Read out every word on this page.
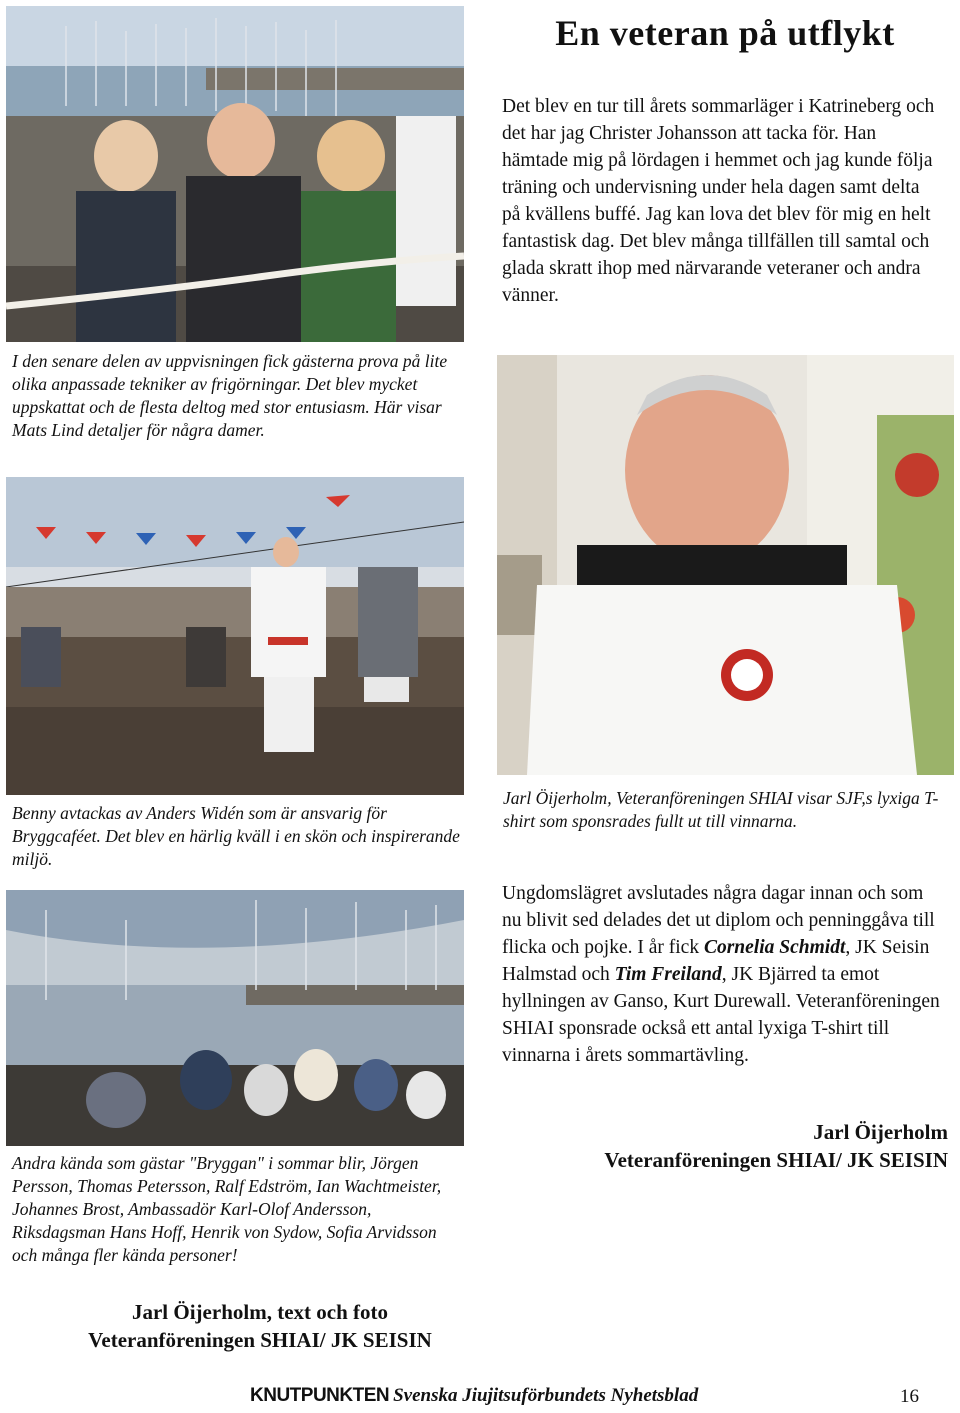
I den senare delen av uppvisningen fick gästerna prova på lite olika anpassade tekniker av frigörningar. Det blev mycket uppskattat och de flesta deltog med stor entusiasm. Här visar Mats Lind detaljer för några damer.

En veteran på utflykt

Det blev en tur till årets sommarläger i Katrineberg och det har jag Christer Johansson att tacka för. Han hämtade mig på lördagen i hemmet och jag kunde följa träning och undervisning under hela dagen samt delta på kvällens buffé. Jag kan lova det blev för mig en helt fantastisk dag. Det blev många tillfällen till samtal och glada skratt ihop med närvarande veteraner och andra vänner.

Jarl Öijerholm, Veteranföreningen SHIAI visar SJF,s lyxiga T-shirt som sponsrades fullt ut till vinnarna.

Benny avtackas av Anders Widén som är ansvarig för Bryggcaféet. Det blev en härlig kväll i en skön och inspirerande miljö.

Ungdomslägret avslutades några dagar innan och som nu blivit sed delades det ut diplom och penninggåva till flicka och pojke. I år fick Cornelia Schmidt, JK Seisin Halmstad och Tim Freiland, JK Bjärred ta emot hyllningen av Ganso, Kurt Durewall. Veteranföreningen SHIAI sponsrade också ett antal lyxiga T-shirt till vinnarna i årets sommartävling.

Andra kända som gästar "Bryggan" i sommar blir, Jörgen Persson, Thomas Petersson, Ralf Edström, Ian Wachtmeister, Johannes Brost, Ambassadör Karl-Olof Andersson, Riksdagsman Hans Hoff, Henrik von Sydow, Sofia Arvidsson och många fler kända personer!

Jarl Öijerholm
Veteranföreningen SHIAI/ JK SEISIN
Jarl Öijerholm, text och foto
Veteranföreningen SHIAI/ JK SEISIN
KNUTPUNKTEN Svenska Jiujitsuförbundets Nyhetsblad	16
